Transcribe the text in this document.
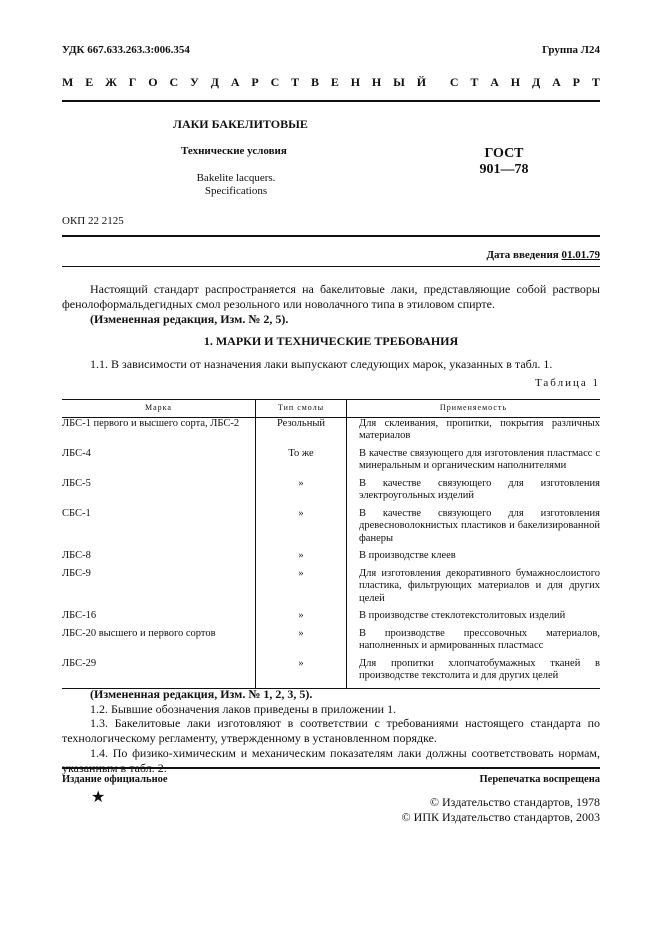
УДК 667.633.263.3:006.354	Группа Л24
М Е Ж Г О С У Д А Р С Т В Е Н Н Ы Й С Т А Н Д А Р Т
ЛАКИ БАКЕЛИТОВЫЕ
Технические условия
Bakelite lacquers.
Specifications
ГОСТ
901—78
ОКП 22 2125
Дата введения 01.01.79
Настоящий стандарт распространяется на бакелитовые лаки, представляющие собой растворы фенолоформальдегидных смол резольного или новолачного типа в этиловом спирте.
(Измененная редакция, Изм. № 2, 5).
1. МАРКИ И ТЕХНИЧЕСКИЕ ТРЕБОВАНИЯ
1.1. В зависимости от назначения лаки выпускают следующих марок, указанных в табл. 1.
Таблица 1
Марка	Тип смолы	Применяемость
ЛБС-1 первого и высшего сорта, ЛБС-2	Резольный	Для склеивания, пропитки, покрытия различных материалов
ЛБС-4	То же	В качестве связующего для изготовления пластмасс с минеральным и органическим наполнителями
ЛБС-5	»	В качестве связующего для изготовления электроугольных изделий
СБС-1	»	В качестве связующего для изготовления древесноволокнистых пластиков и бакелизированной фанеры
ЛБС-8	»	В производстве клеев
ЛБС-9	»	Для изготовления декоративного бумажнослоистого пластика, фильтрующих материалов и для других целей
ЛБС-16	»	В производстве стеклотекстолитовых изделий
ЛБС-20 высшего и первого сортов	»	В производстве прессовочных материалов, наполненных и армированных пластмасс
ЛБС-29	»	Для пропитки хлопчатобумажных тканей в производстве текстолита и для других целей
(Измененная редакция, Изм. № 1, 2, 3, 5).
1.2. Бывшие обозначения лаков приведены в приложении 1.
1.3. Бакелитовые лаки изготовляют в соответствии с требованиями настоящего стандарта по технологическому регламенту, утвержденному в установленном порядке.
1.4. По физико-химическим и механическим показателям лаки должны соответствовать нормам, указанным в табл. 2.
Издание официальное	Перепечатка воспрещена
★	© Издательство стандартов, 1978
© ИПК Издательство стандартов, 2003
